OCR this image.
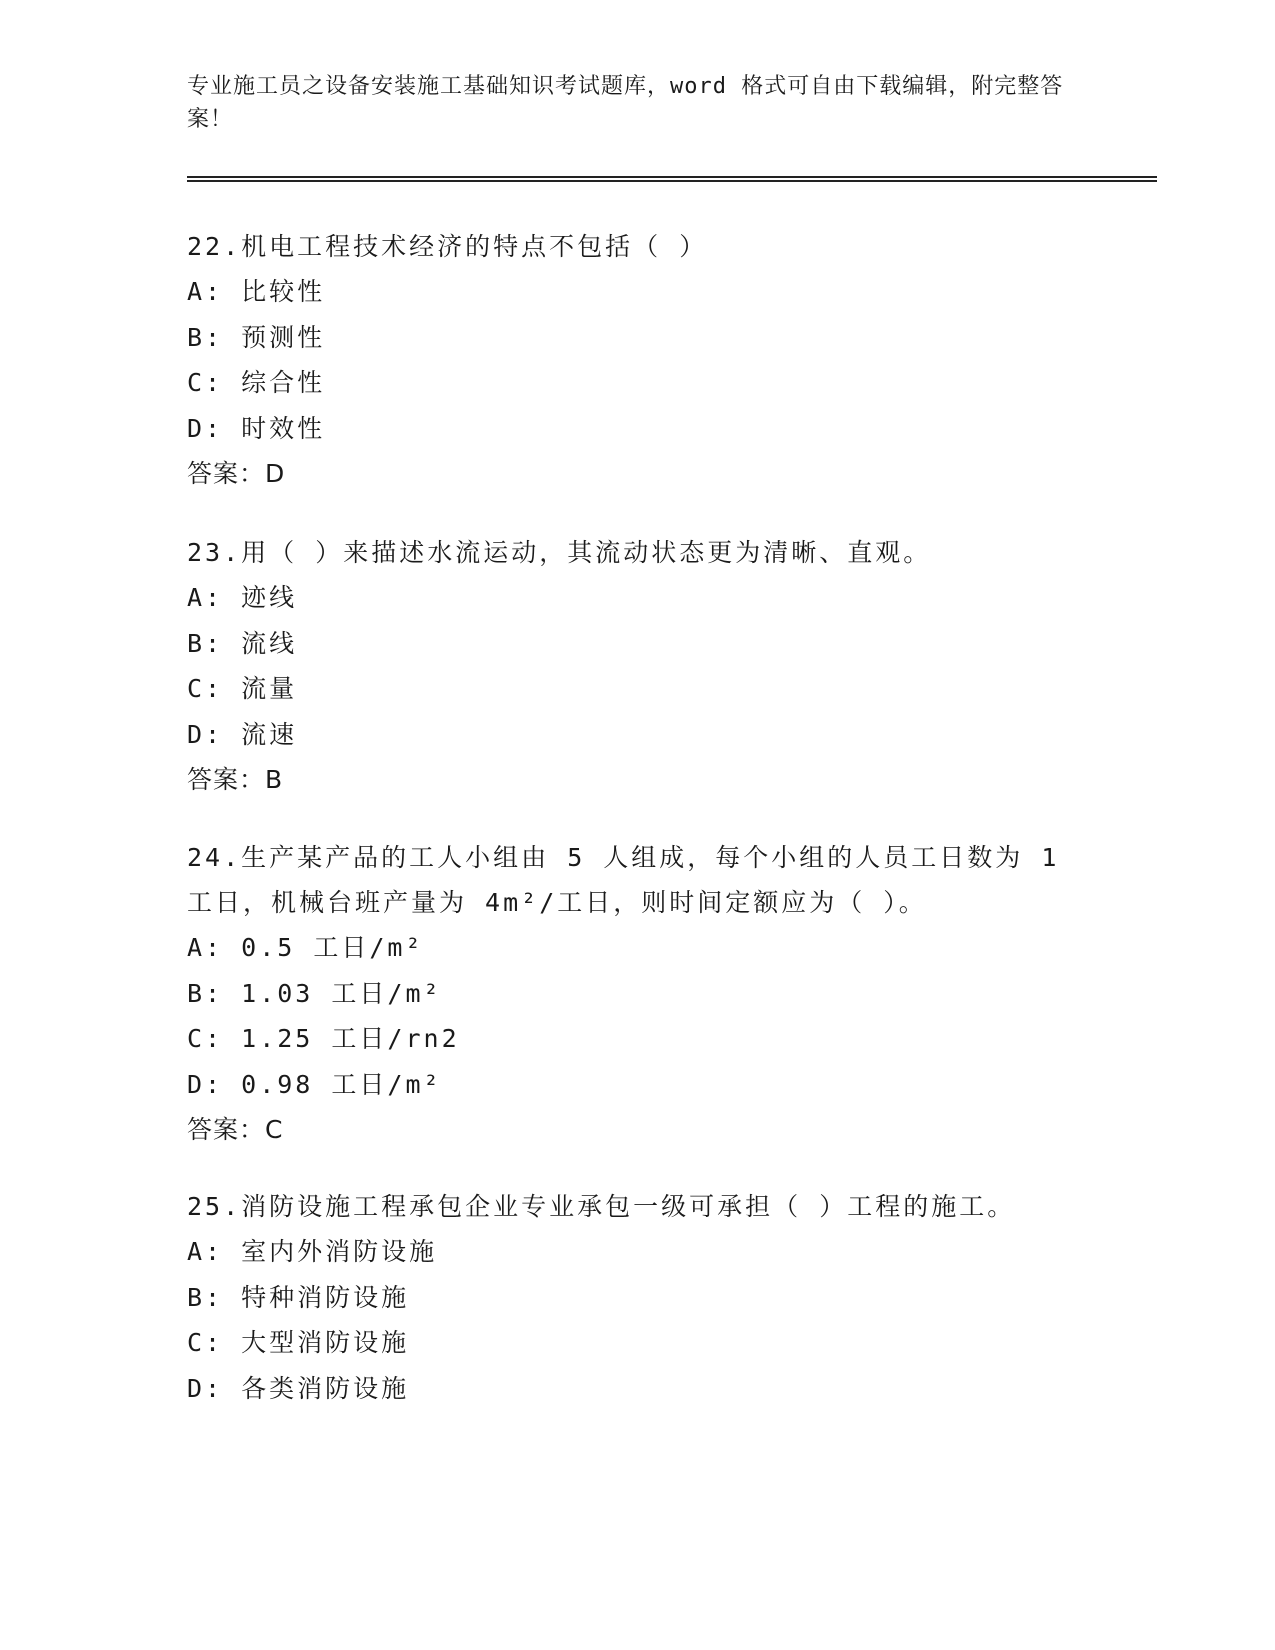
专业施工员之设备安装施工基础知识考试题库，word 格式可自由下载编辑，附完整答案！
22.机电工程技术经济的特点不包括（ ）
A: 比较性
B: 预测性
C: 综合性
D: 时效性
答案：D
23.用（ ）来描述水流运动，其流动状态更为清晰、直观。
A: 迹线
B: 流线
C: 流量
D: 流速
答案：B
24.生产某产品的工人小组由 5 人组成，每个小组的人员工日数为 1 工日，机械台班产量为 4m²/工日，则时间定额应为（ ）。
A: 0.5 工日/m²
B: 1.03 工日/m²
C: 1.25 工日/rn2
D: 0.98 工日/m²
答案：C
25.消防设施工程承包企业专业承包一级可承担（ ）工程的施工。
A: 室内外消防设施
B: 特种消防设施
C: 大型消防设施
D: 各类消防设施
